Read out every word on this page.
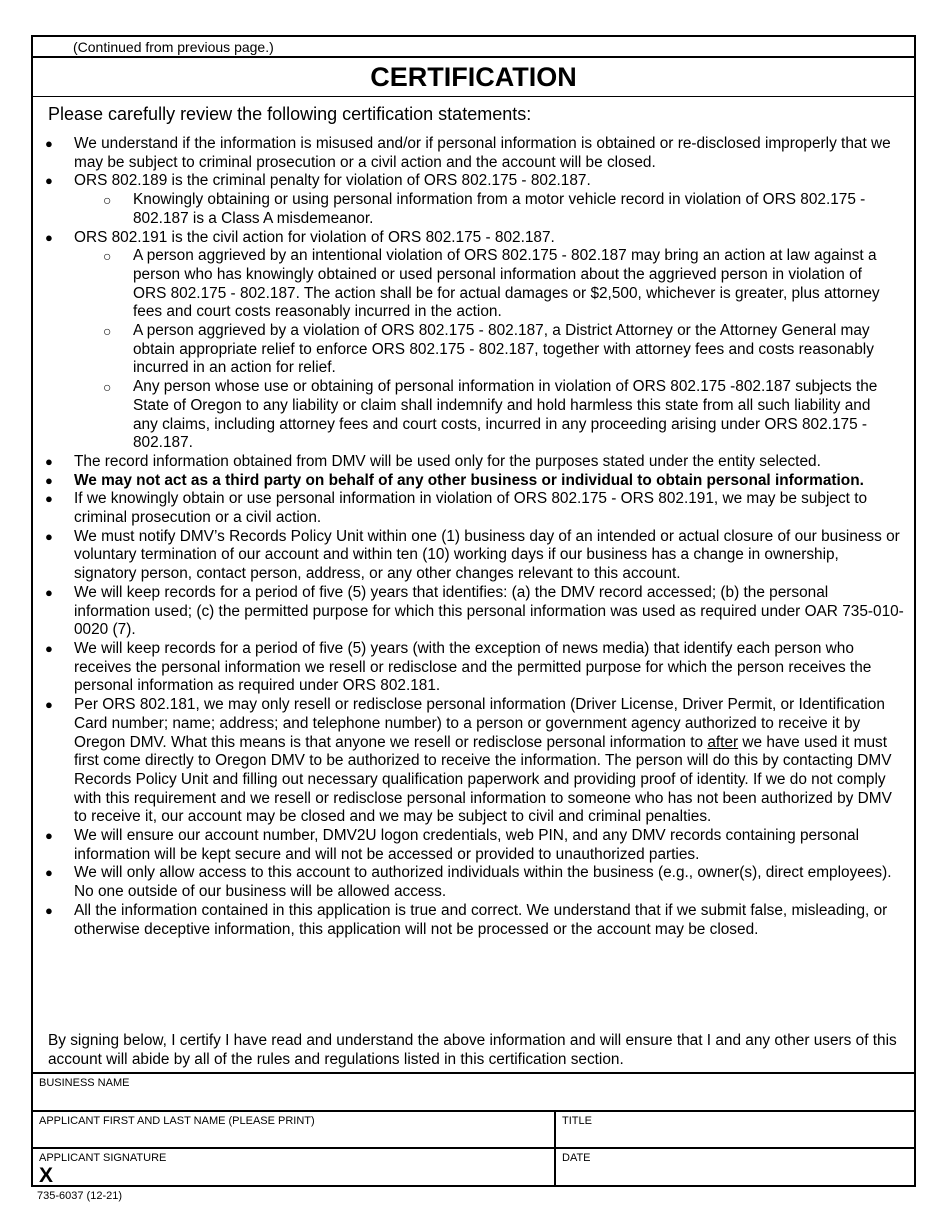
(Continued from previous page.)
CERTIFICATION
Please carefully review the following certification statements:
● We understand if the information is misused and/or if personal information is obtained or re-disclosed improperly that we may be subject to criminal prosecution or a civil action and the account will be closed.
● ORS 802.189 is the criminal penalty for violation of ORS 802.175 - 802.187.
○ Knowingly obtaining or using personal information from a motor vehicle record in violation of ORS 802.175 - 802.187 is a Class A misdemeanor.
● ORS 802.191 is the civil action for violation of ORS 802.175 - 802.187.
○ A person aggrieved by an intentional violation of ORS 802.175 - 802.187 may bring an action at law against a person who has knowingly obtained or used personal information about the aggrieved person in violation of ORS 802.175 - 802.187. The action shall be for actual damages or $2,500, whichever is greater, plus attorney fees and court costs reasonably incurred in the action.
○ A person aggrieved by a violation of ORS 802.175 - 802.187, a District Attorney or the Attorney General may obtain appropriate relief to enforce ORS 802.175 - 802.187, together with attorney fees and costs reasonably incurred in an action for relief.
○ Any person whose use or obtaining of personal information in violation of ORS 802.175 -802.187 subjects the State of Oregon to any liability or claim shall indemnify and hold harmless this state from all such liability and any claims, including attorney fees and court costs, incurred in any proceeding arising under ORS 802.175 - 802.187.
● The record information obtained from DMV will be used only for the purposes stated under the entity selected.
● We may not act as a third party on behalf of any other business or individual to obtain personal information.
● If we knowingly obtain or use personal information in violation of ORS 802.175 - ORS 802.191, we may be subject to criminal prosecution or a civil action.
● We must notify DMV’s Records Policy Unit within one (1) business day of an intended or actual closure of our business or voluntary termination of our account and within ten (10) working days if our business has a change in ownership, signatory person, contact person, address, or any other changes relevant to this account.
● We will keep records for a period of five (5) years that identifies: (a) the DMV record accessed; (b) the personal information used; (c) the permitted purpose for which this personal information was used as required under OAR 735-010-0020 (7).
● We will keep records for a period of five (5) years (with the exception of news media) that identify each person who receives the personal information we resell or redisclose and the permitted purpose for which the person receives the personal information as required under ORS 802.181.
● Per ORS 802.181, we may only resell or redisclose personal information (Driver License, Driver Permit, or Identification Card number; name; address; and telephone number) to a person or government agency authorized to receive it by Oregon DMV. What this means is that anyone we resell or redisclose personal information to after we have used it must first come directly to Oregon DMV to be authorized to receive the information. The person will do this by contacting DMV Records Policy Unit and filling out necessary qualification paperwork and providing proof of identity. If we do not comply with this requirement and we resell or redisclose personal information to someone who has not been authorized by DMV to receive it, our account may be closed and we may be subject to civil and criminal penalties.
● We will ensure our account number, DMV2U logon credentials, web PIN, and any DMV records containing personal information will be kept secure and will not be accessed or provided to unauthorized parties.
● We will only allow access to this account to authorized individuals within the business (e.g., owner(s), direct employees). No one outside of our business will be allowed access.
● All the information contained in this application is true and correct. We understand that if we submit false, misleading, or otherwise deceptive information, this application will not be processed or the account may be closed.
By signing below, I certify I have read and understand the above information and will ensure that I and any other users of this account will abide by all of the rules and regulations listed in this certification section.
BUSINESS NAME
APPLICANT FIRST AND LAST NAME (PLEASE PRINT)	TITLE
APPLICANT SIGNATURE
X
DATE
735-6037 (12-21)
